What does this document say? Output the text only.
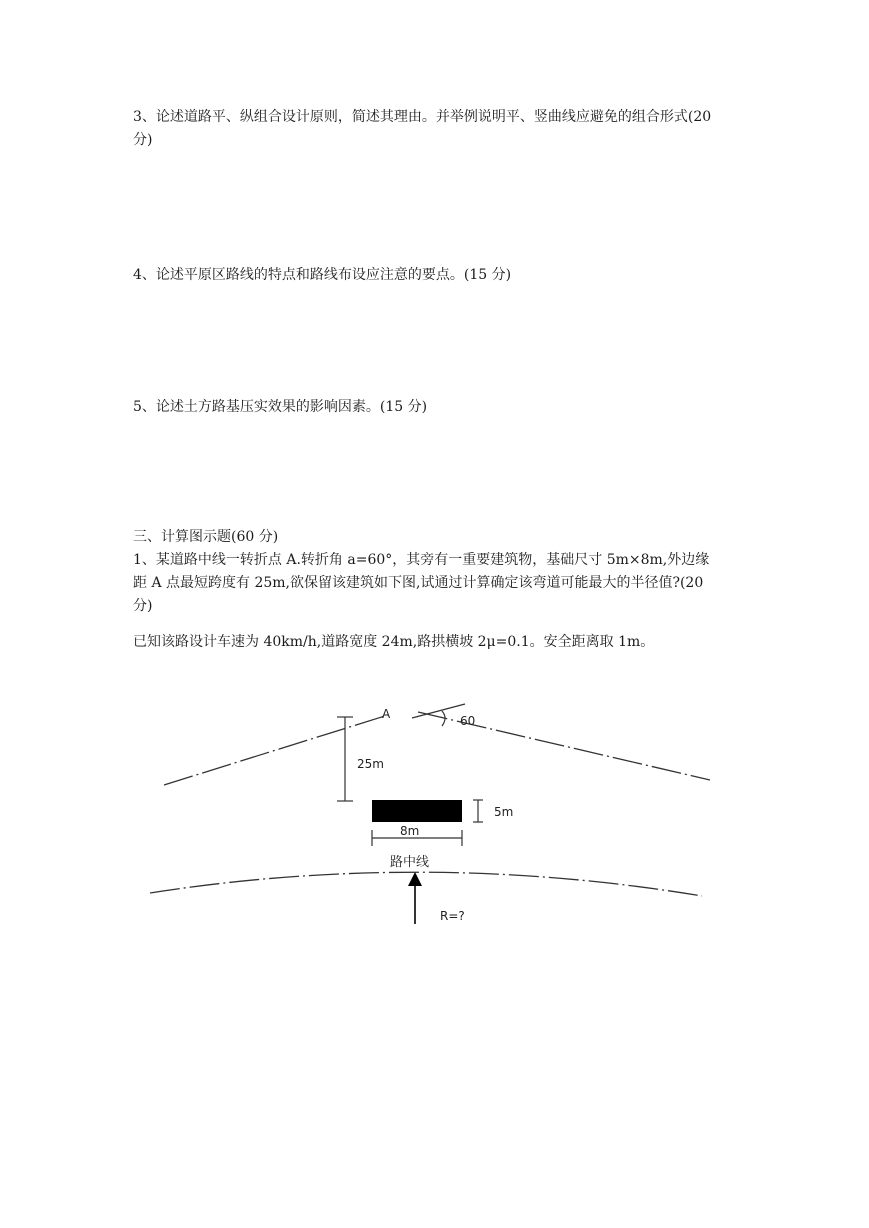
3、论述道路平、纵组合设计原则，简述其理由。并举例说明平、竖曲线应避免的组合形式(20
分)

4、论述平原区路线的特点和路线布设应注意的要点。(15 分)

5、论述土方路基压实效果的影响因素。(15 分)

三、计算图示题(60 分)

1、某道路中线一转折点 A.转折角 a=60°，其旁有一重要建筑物，基础尺寸 5m×8m,外边缘
距 A 点最短跨度有 25m,欲保留该建筑如下图,试通过计算确定该弯道可能最大的半径值?(20
分)

已知该路设计车速为 40km/h,道路宽度 24m,路拱横坡 2μ=0.1。安全距离取 1m。

A	60
25m
5m
8m
路中线
R=?
